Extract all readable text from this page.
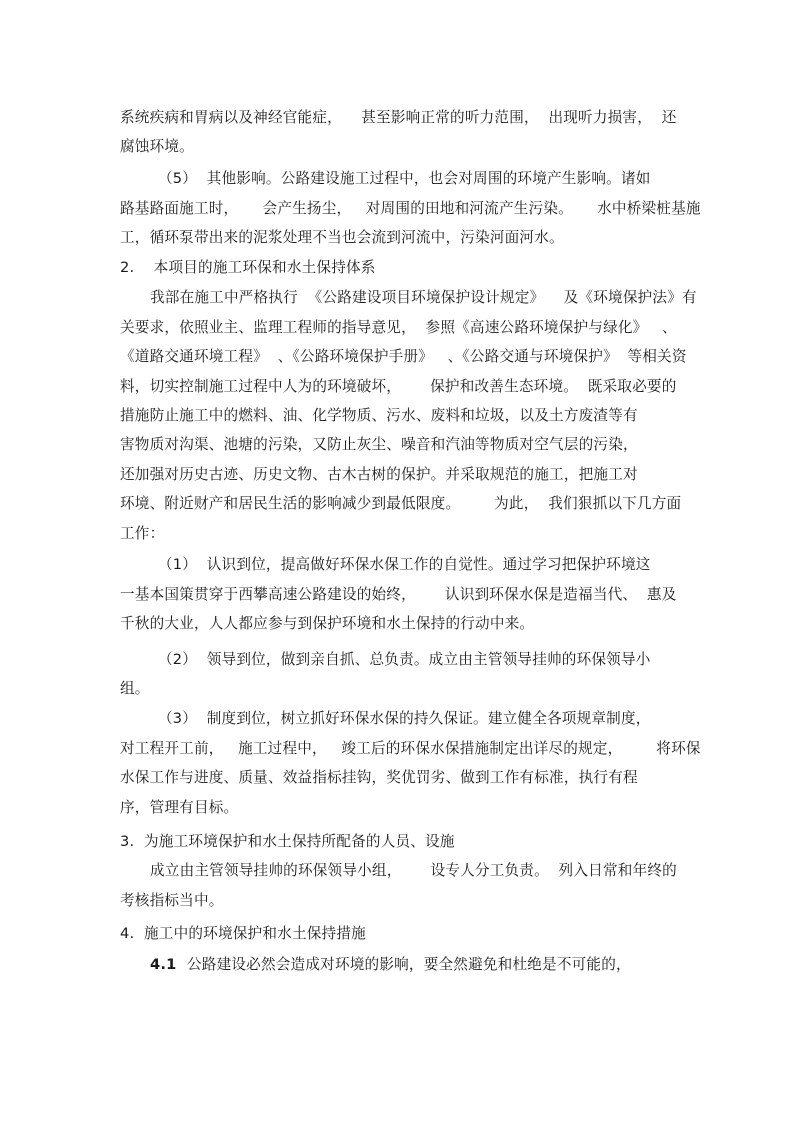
系统疾病和胃病以及神经官能症，    甚至影响正常的听力范围，  出现听力损害，  还
腐蚀环境。
（5）  其他影响。公路建设施工过程中，也会对周围的环境产生影响。诸如
路基路面施工时，     会产生扬尘，   对周围的田地和河流产生污染。     水中桥梁桩基施
工，循环泵带出来的泥浆处理不当也会流到河流中，污染河面河水。
2.    本项目的施工环保和水土保持体系
我部在施工中严格执行  《公路建设项目环境保护设计规定》    及《环境保护法》有
关要求，依照业主、监理工程师的指导意见，  参照《高速公路环境保护与绿化》   、
《道路交通环境工程》  、《公路环境保护手册》   、《公路交通与环境保护》  等相关资
料，切实控制施工过程中人为的环境破坏，      保护和改善生态环境。  既采取必要的
措施防止施工中的燃料、油、化学物质、污水、废料和垃圾，以及土方废渣等有
害物质对沟渠、池塘的污染，又防止灰尘、噪音和汽油等物质对空气层的污染，
还加强对历史古迹、历史文物、古木古树的保护。并采取规范的施工，把施工对
环境、附近财产和居民生活的影响减少到最低限度。       为此，  我们狠抓以下几方面
工作：
（1）  认识到位，提高做好环保水保工作的自觉性。通过学习把保护环境这
一基本国策贯穿于西攀高速公路建设的始终，      认识到环保水保是造福当代、  惠及
千秋的大业，人人都应参与到保护环境和水土保持的行动中来。
（2）  领导到位，做到亲自抓、总负责。成立由主管领导挂帅的环保领导小
组。
（3）  制度到位，树立抓好环保水保的持久保证。建立健全各项规章制度，
对工程开工前，   施工过程中，   竣工后的环保水保措施制定出详尽的规定，       将环保
水保工作与进度、质量、效益指标挂钩，奖优罚劣、做到工作有标准，执行有程
序，管理有目标。
3.  为施工环境保护和水土保持所配备的人员、设施
成立由主管领导挂帅的环保领导小组，      设专人分工负责。  列入日常和年终的
考核指标当中。
4.  施工中的环境保护和水土保持措施
4.1 公路建设必然会造成对环境的影响，要全然避免和杜绝是不可能的，
